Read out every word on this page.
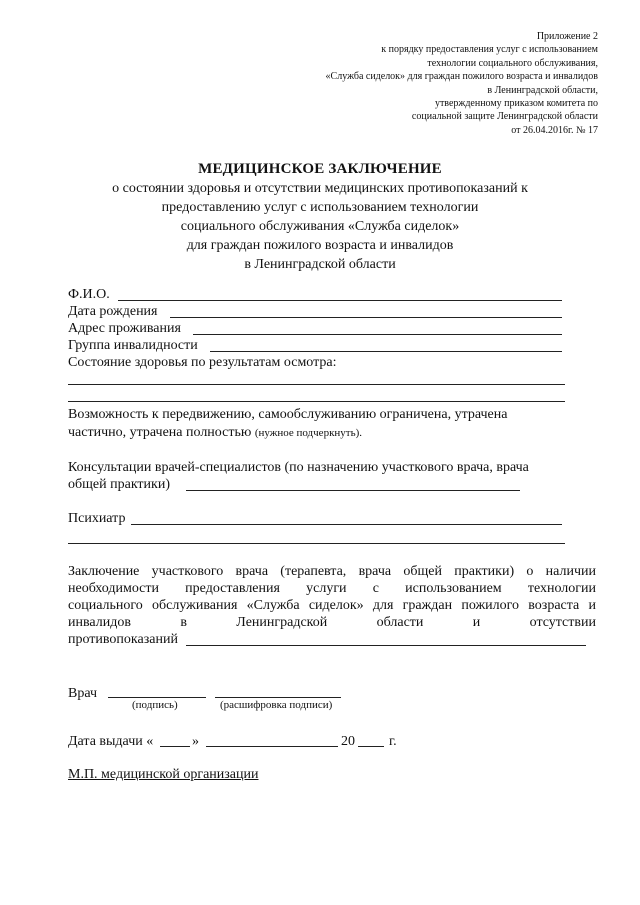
Приложение 2
к порядку предоставления услуг с использованием
технологии социального обслуживания,
«Служба сиделок» для граждан пожилого возраста и инвалидов
в Ленинградской области,
утвержденному приказом комитета по
социальной защите Ленинградской области
от 26.04.2016г. № 17
МЕДИЦИНСКОЕ ЗАКЛЮЧЕНИЕ
о состоянии здоровья и отсутствии медицинских противопоказаний к
предоставлению услуг с использованием технологии
социального обслуживания «Служба сиделок»
для граждан пожилого возраста и инвалидов
в Ленинградской области
Ф.И.О.
Дата рождения
Адрес проживания
Группа инвалидности
Состояние здоровья по результатам осмотра:
Возможность к передвижению, самообслуживанию ограничена, утрачена
частично, утрачена полностью (нужное подчеркнуть).
Консультации врачей-специалистов (по назначению участкового врача, врача
общей практики)
Психиатр
Заключение участкового врача (терапевта, врача общей практики) о наличии
необходимости предоставления услуги с использованием технологии
социального обслуживания «Служба сиделок» для граждан пожилого возраста и
инвалидов в Ленинградской области и отсутствии
противопоказаний
Врач
(подпись)	(расшифровка подписи)
Дата выдачи «	»	20 г.
М.П. медицинской организации
